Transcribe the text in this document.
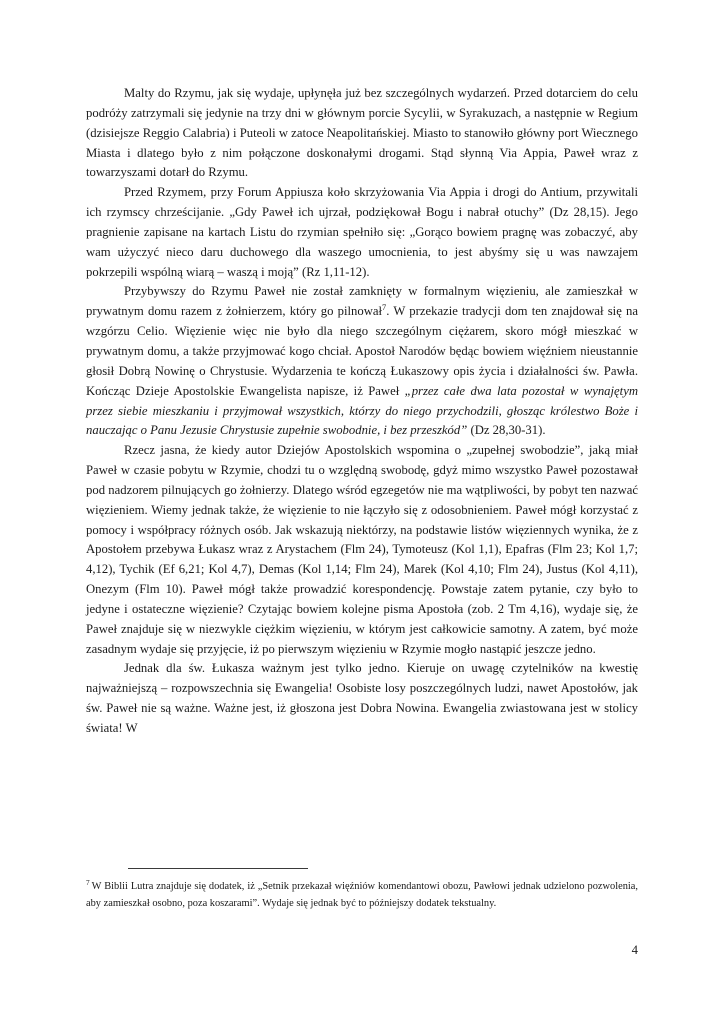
Malty do Rzymu, jak się wydaje, upłynęła już bez szczególnych wydarzeń. Przed dotarciem do celu podróży zatrzymali się jedynie na trzy dni w głównym porcie Sycylii, w Syrakuzach, a następnie w Regium (dzisiejsze Reggio Calabria) i Puteoli w zatoce Neapolitańskiej. Miasto to stanowiło główny port Wiecznego Miasta i dlatego było z nim połączone doskonałymi drogami. Stąd słynną Via Appia, Paweł wraz z towarzyszami dotarł do Rzymu.

Przed Rzymem, przy Forum Appiusza koło skrzyżowania Via Appia i drogi do Antium, przywitali ich rzymscy chrześcijanie. „Gdy Paweł ich ujrzał, podziękował Bogu i nabrał otuchy” (Dz 28,15). Jego pragnienie zapisane na kartach Listu do rzymian spełniło się: „Gorąco bowiem pragnę was zobaczyć, aby wam użyczyć nieco daru duchowego dla waszego umocnienia, to jest abyśmy się u was nawzajem pokrzepili wspólną wiarą – waszą i moją” (Rz 1,11-12).

Przybywszy do Rzymu Paweł nie został zamknięty w formalnym więzieniu, ale zamieszkał w prywatnym domu razem z żołnierzem, który go pilnował$^7$. W przekazie tradycji dom ten znajdował się na wzgórzu Celio. Więzienie więc nie było dla niego szczególnym ciężarem, skoro mógł mieszkać w prywatnym domu, a także przyjmować kogo chciał. Apostoł Narodów będąc bowiem więźniem nieustannie głosił Dobrą Nowinę o Chrystusie. Wydarzenia te kończą Łukaszowy opis życia i działalności św. Pawła. Kończąc Dzieje Apostolskie Ewangelista napisze, iż Paweł „przez całe dwa lata pozostał w wynajętym przez siebie mieszkaniu i przyjmował wszystkich, którzy do niego przychodzili, głosząc królestwo Boże i nauczając o Panu Jezusie Chrystusie zupełnie swobodnie, i bez przeszkód” (Dz 28,30-31).

Rzecz jasna, że kiedy autor Dziejów Apostolskich wspomina o „zupełnej swobodzie”, jaką miał Paweł w czasie pobytu w Rzymie, chodzi tu o względną swobodę, gdyż mimo wszystko Paweł pozostawał pod nadzorem pilnujących go żołnierzy. Dlatego wśród egzegetów nie ma wątpliwości, by pobyt ten nazwać więzieniem. Wiemy jednak także, że więzienie to nie łączyło się z odosobnieniem. Paweł mógł korzystać z pomocy i współpracy różnych osób. Jak wskazują niektórzy, na podstawie listów więziennych wynika, że z Apostołem przebywa Łukasz wraz z Arystachem (Flm 24), Tymoteusz (Kol 1,1), Epafras (Flm 23; Kol 1,7; 4,12), Tychik (Ef 6,21; Kol 4,7), Demas (Kol 1,14; Flm 24), Marek (Kol 4,10; Flm 24), Justus (Kol 4,11), Onezym (Flm 10). Paweł mógł także prowadzić korespondencję. Powstaje zatem pytanie, czy było to jedyne i ostateczne więzienie? Czytając bowiem kolejne pisma Apostoła (zob. 2 Tm 4,16), wydaje się, że Paweł znajduje się w niezwykle ciężkim więzieniu, w którym jest całkowicie samotny. A zatem, być może zasadnym wydaje się przyjęcie, iż po pierwszym więzieniu w Rzymie mogło nastąpić jeszcze jedno.

Jednak dla św. Łukasza ważnym jest tylko jedno. Kieruje on uwagę czytelników na kwestię najważniejszą – rozpowszechnia się Ewangelia! Osobiste losy poszczególnych ludzi, nawet Apostołów, jak św. Paweł nie są ważne. Ważne jest, iż głoszona jest Dobra Nowina. Ewangelia zwiastowana jest w stolicy świata! W

$^7$ W Biblii Lutra znajduje się dodatek, iż „Setnik przekazał więźniów komendantowi obozu, Pawłowi jednak udzielono pozwolenia, aby zamieszkał osobno, poza koszarami”. Wydaje się jednak być to późniejszy dodatek tekstualny.

4
